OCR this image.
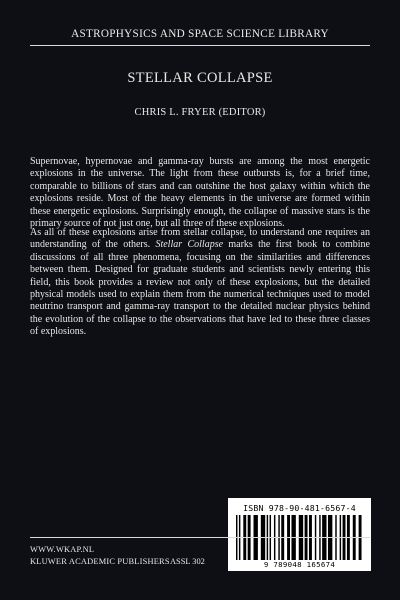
ASTROPHYSICS AND SPACE SCIENCE LIBRARY
STELLAR COLLAPSE
CHRIS L. FRYER (EDITOR)

Supernovae, hypernovae and gamma-ray bursts are among the most energetic explosions in the universe. The light from these outbursts is, for a brief time, comparable to billions of stars and can outshine the host galaxy within which the explosions reside. Most of the heavy elements in the universe are formed within these energetic explosions. Surprisingly enough, the collapse of massive stars is the primary source of not just one, but all three of these explosions.

As all of these explosions arise from stellar collapse, to understand one requires an understanding of the others. Stellar Collapse marks the first book to combine discussions of all three phenomena, focusing on the similarities and differences between them. Designed for graduate students and scientists newly entering this field, this book provides a review not only of these explosions, but the detailed physical models used to explain them from the numerical techniques used to model neutrino transport and gamma-ray transport to the detailed nuclear physics behind the evolution of the collapse to the observations that have led to these three classes of explosions.

ISBN 978-90-481-6567-4
9 789048 165674
WWW.WKAP.NL
KLUWER ACADEMIC PUBLISHERS ASSL 302
